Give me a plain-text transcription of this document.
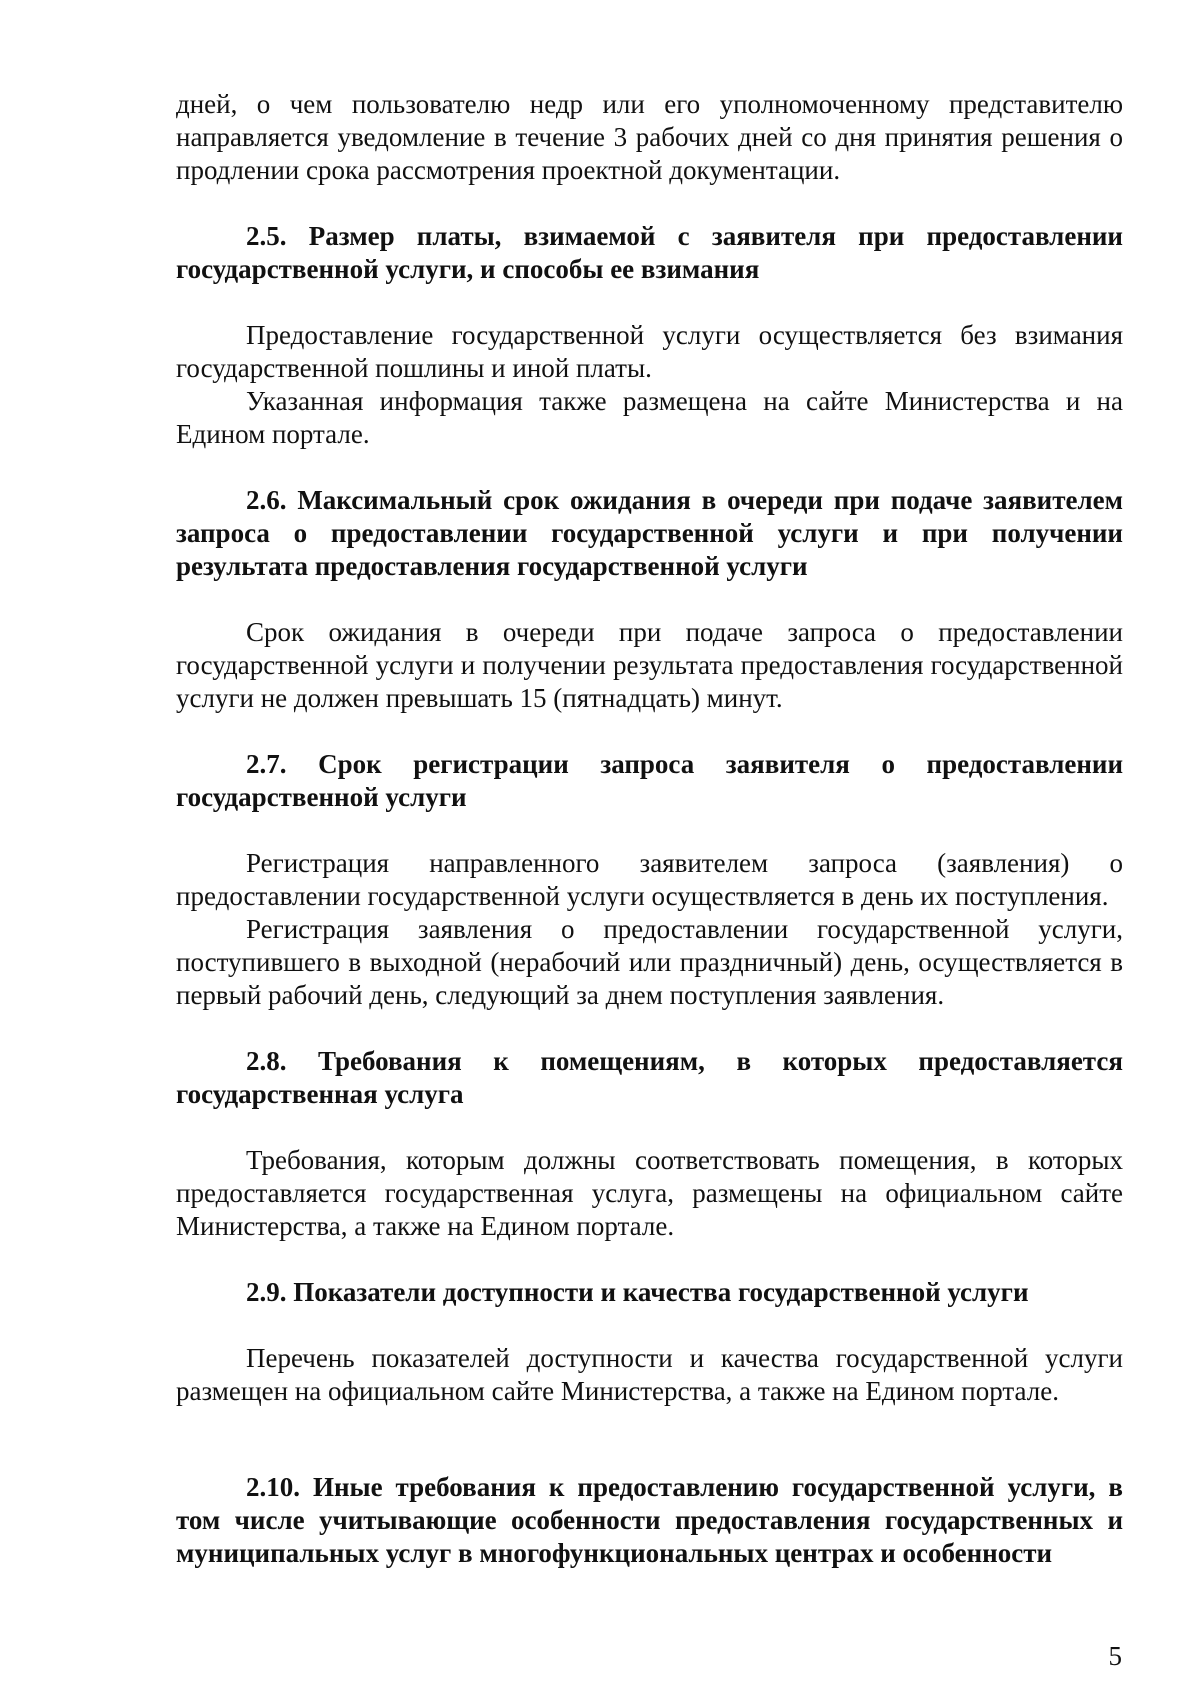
дней, о чем пользователю недр или его уполномоченному представителю направляется уведомление в течение 3 рабочих дней со дня принятия решения о продлении срока рассмотрения проектной документации.

2.5. Размер платы, взимаемой с заявителя при предоставлении государственной услуги, и способы ее взимания

Предоставление государственной услуги осуществляется без взимания государственной пошлины и иной платы.

Указанная информация также размещена на сайте Министерства и на Едином портале.

2.6. Максимальный срок ожидания в очереди при подаче заявителем запроса о предоставлении государственной услуги и при получении результата предоставления государственной услуги

Срок ожидания в очереди при подаче запроса о предоставлении государственной услуги и получении результата предоставления государственной услуги не должен превышать 15 (пятнадцать) минут.

2.7. Срок регистрации запроса заявителя о предоставлении государственной услуги

Регистрация направленного заявителем запроса (заявления) о предоставлении государственной услуги осуществляется в день их поступления.

Регистрация заявления о предоставлении государственной услуги, поступившего в выходной (нерабочий или праздничный) день, осуществляется в первый рабочий день, следующий за днем поступления заявления.

2.8. Требования к помещениям, в которых предоставляется государственная услуга

Требования, которым должны соответствовать помещения, в которых предоставляется государственная услуга, размещены на официальном сайте Министерства, а также на Едином портале.

2.9. Показатели доступности и качества государственной услуги

Перечень показателей доступности и качества государственной услуги размещен на официальном сайте Министерства, а также на Едином портале.

2.10. Иные требования к предоставлению государственной услуги, в том числе учитывающие особенности предоставления государственных и муниципальных услуг в многофункциональных центрах и особенности

5
